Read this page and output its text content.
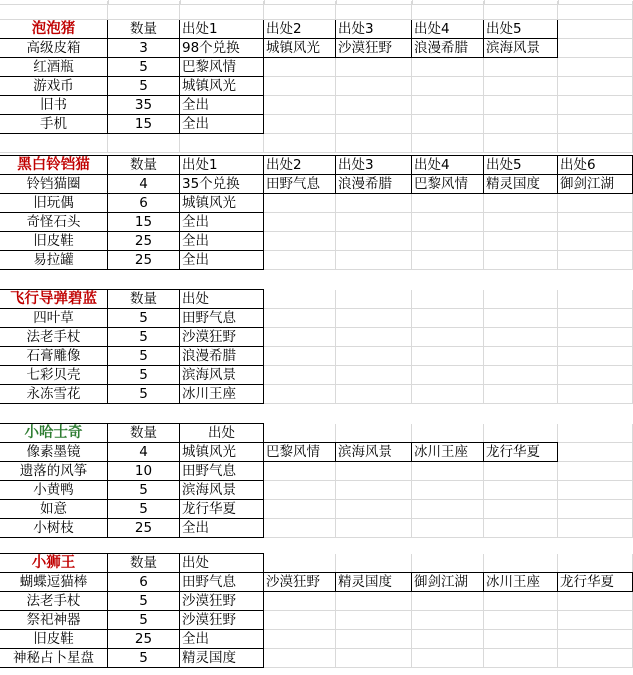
泡泡猪	数量	出处1	出处2	出处3	出处4	出处5
高级皮箱	3	98个兑换	城镇风光	沙漠狂野	浪漫希腊	滨海风景
红酒瓶	5	巴黎风情
游戏币	5	城镇风光
旧书	35	全出
手机	15	全出
黑白铃铛猫	数量	出处1	出处2	出处3	出处4	出处5	出处6
铃铛猫圈	4	35个兑换	田野气息	浪漫希腊	巴黎风情	精灵国度	御剑江湖
旧玩偶	6	城镇风光
奇怪石头	15	全出
旧皮鞋	25	全出
易拉罐	25	全出
飞行导弹碧蓝	数量	出处
四叶草	5	田野气息
法老手杖	5	沙漠狂野
石膏雕像	5	浪漫希腊
七彩贝壳	5	滨海风景
永冻雪花	5	冰川王座
小哈士奇	数量	出处
像素墨镜	4	城镇风光	巴黎风情	滨海风景	冰川王座	龙行华夏
遗落的风筝	10	田野气息
小黄鸭	5	滨海风景
如意	5	龙行华夏
小树枝	25	全出
小狮王	数量	出处
蝴蝶逗猫棒	6	田野气息	沙漠狂野	精灵国度	御剑江湖	冰川王座	龙行华夏
法老手杖	5	沙漠狂野
祭祀神器	5	沙漠狂野
旧皮鞋	25	全出
神秘占卜星盘	5	精灵国度
